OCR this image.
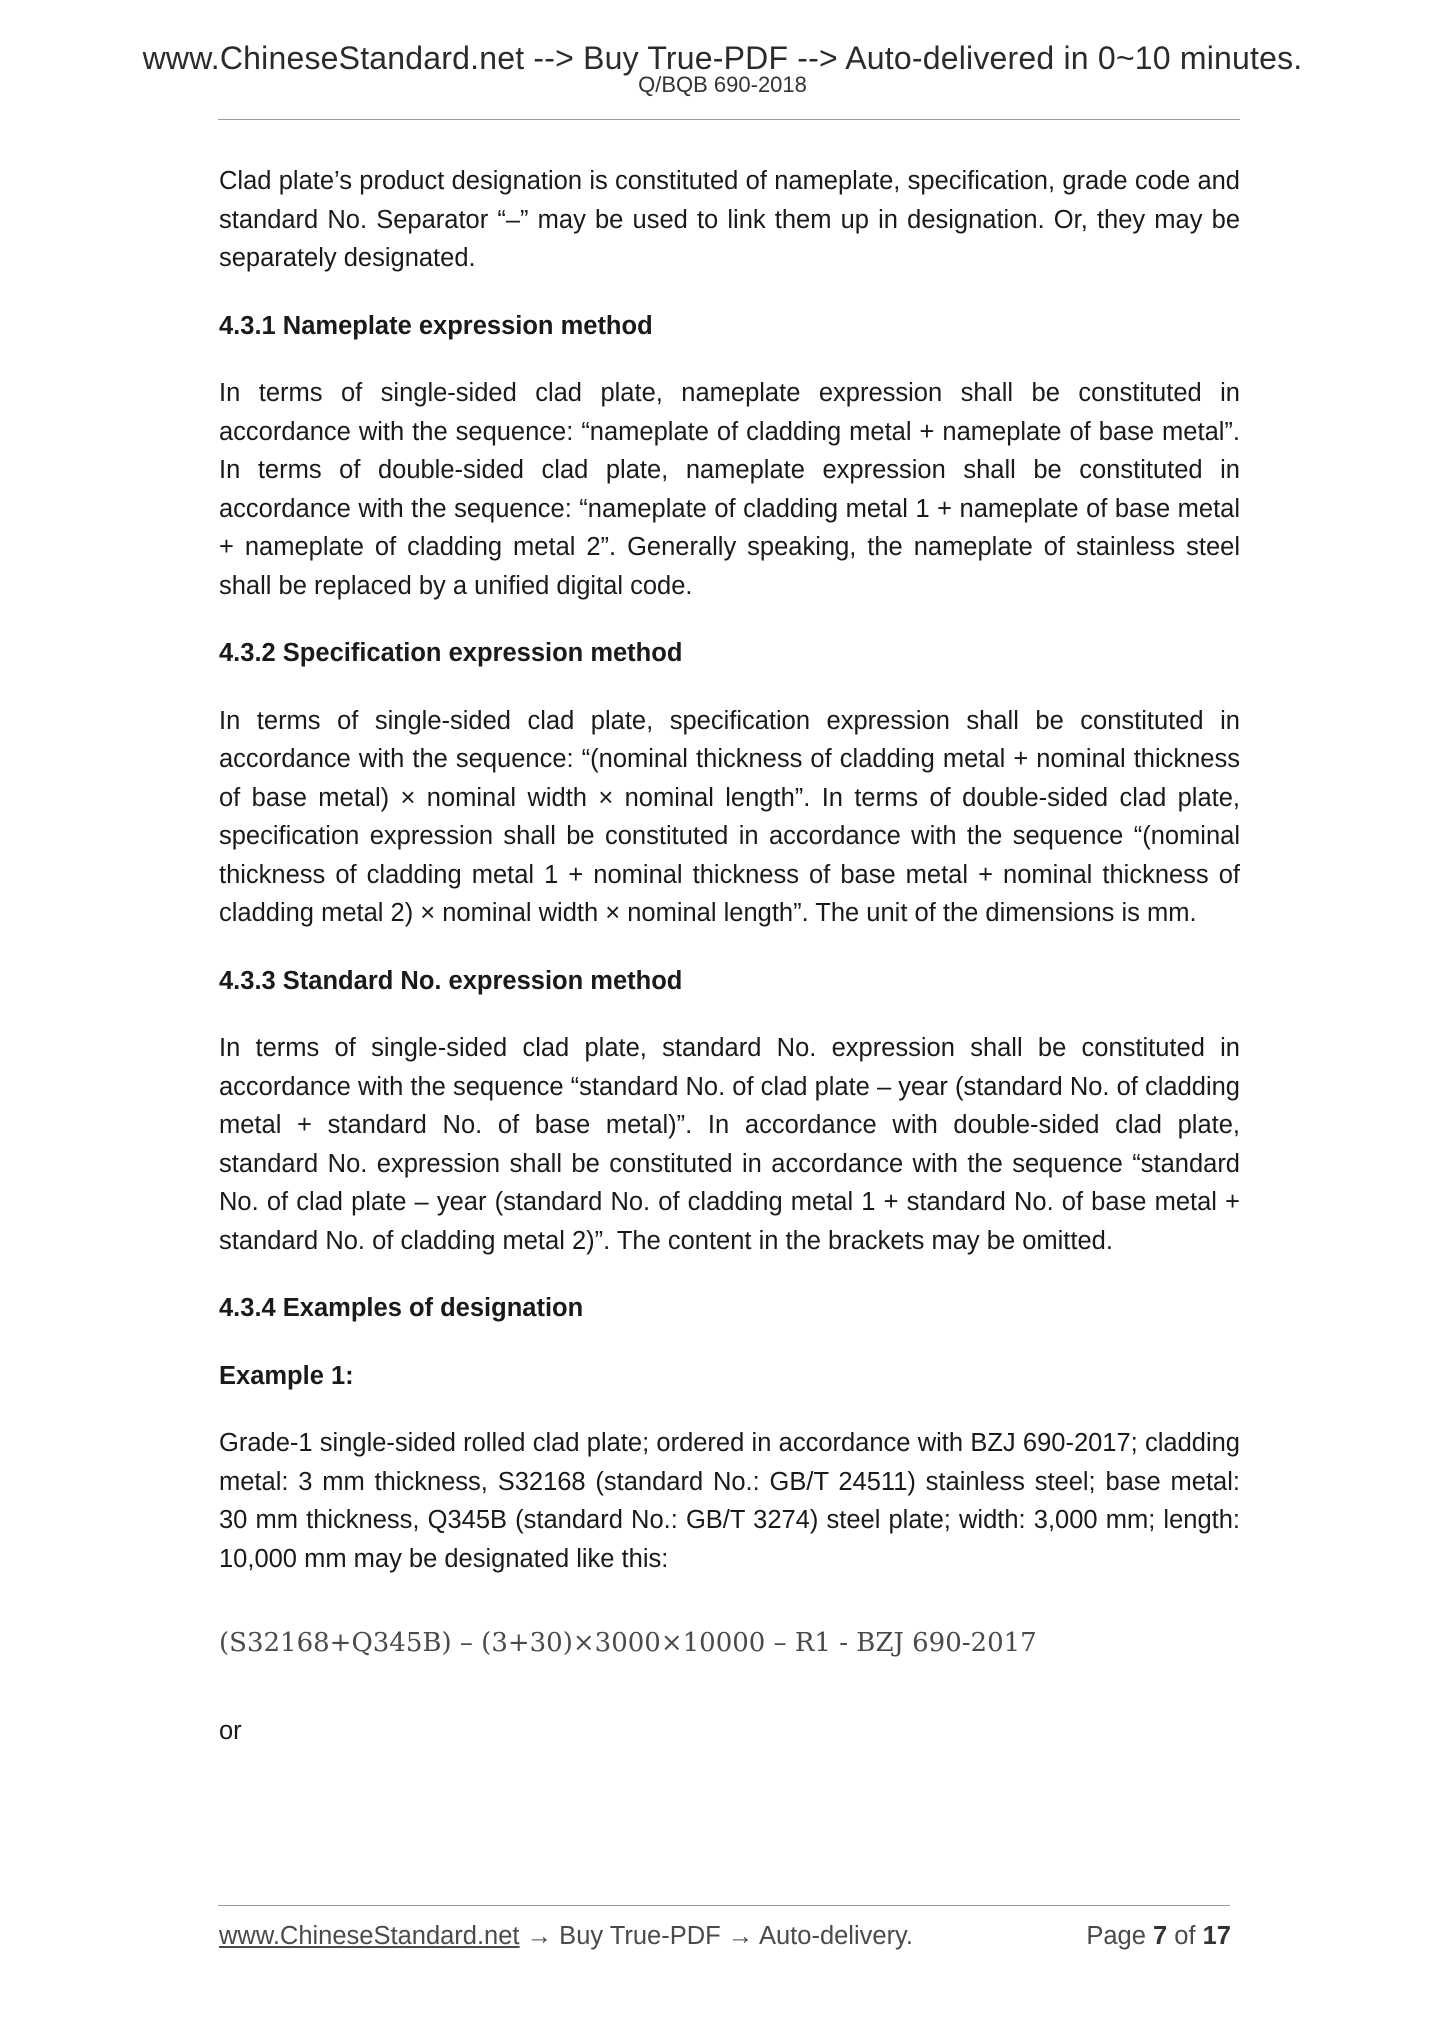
www.ChineseStandard.net --> Buy True-PDF --> Auto-delivered in 0~10 minutes.
Q/BQB 690-2018

Clad plate’s product designation is constituted of nameplate, specification, grade code and standard No. Separator “–” may be used to link them up in designation. Or, they may be separately designated.

4.3.1 Nameplate expression method

In terms of single-sided clad plate, nameplate expression shall be constituted in accordance with the sequence: “nameplate of cladding metal + nameplate of base metal”. In terms of double-sided clad plate, nameplate expression shall be constituted in accordance with the sequence: “nameplate of cladding metal 1 + nameplate of base metal + nameplate of cladding metal 2”. Generally speaking, the nameplate of stainless steel shall be replaced by a unified digital code.

4.3.2 Specification expression method

In terms of single-sided clad plate, specification expression shall be constituted in accordance with the sequence: “(nominal thickness of cladding metal + nominal thickness of base metal) × nominal width × nominal length”. In terms of double-sided clad plate, specification expression shall be constituted in accordance with the sequence “(nominal thickness of cladding metal 1 + nominal thickness of base metal + nominal thickness of cladding metal 2) × nominal width × nominal length”. The unit of the dimensions is mm.

4.3.3 Standard No. expression method

In terms of single-sided clad plate, standard No. expression shall be constituted in accordance with the sequence “standard No. of clad plate – year (standard No. of cladding metal + standard No. of base metal)”. In accordance with double-sided clad plate, standard No. expression shall be constituted in accordance with the sequence “standard No. of clad plate – year (standard No. of cladding metal 1 + standard No. of base metal + standard No. of cladding metal 2)”. The content in the brackets may be omitted.

4.3.4 Examples of designation
Example 1:

Grade-1 single-sided rolled clad plate; ordered in accordance with BZJ 690-2017; cladding metal: 3 mm thickness, S32168 (standard No.: GB/T 24511) stainless steel; base metal: 30 mm thickness, Q345B (standard No.: GB/T 3274) steel plate; width: 3,000 mm; length: 10,000 mm may be designated like this:

(S32168+Q345B) – (3+30)×3000×10000 – R1 - BZJ 690-2017

or

www.ChineseStandard.net → Buy True-PDF → Auto-delivery.	Page 7 of 17
